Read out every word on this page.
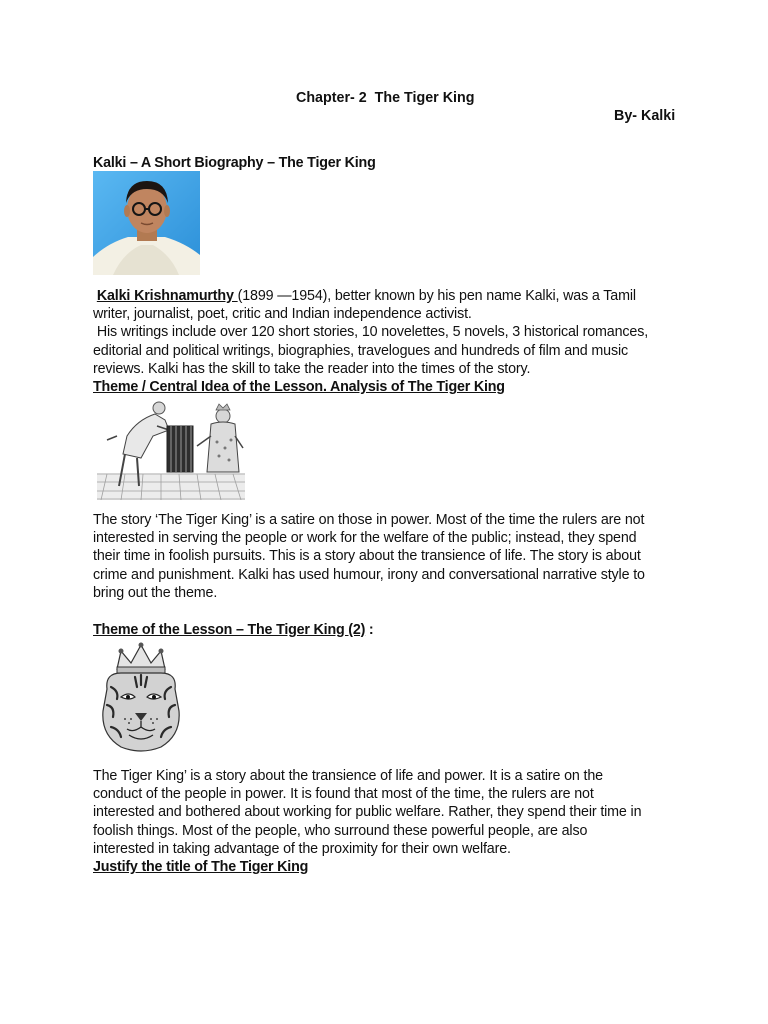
Chapter- 2  The Tiger King
By- Kalki
Kalki – A Short Biography – The Tiger King
Kalki Krishnamurthy (1899 —1954), better known by his pen name Kalki, was a Tamil
writer, journalist, poet, critic and Indian independence activist.
His writings include over 120 short stories, 10 novelettes, 5 novels, 3 historical romances,
editorial and political writings, biographies, travelogues and hundreds of film and music
reviews. Kalki has the skill to take the reader into the times of the story.
Theme / Central Idea of the Lesson. Analysis of The Tiger King
The story ‘The Tiger King’ is a satire on those in power. Most of the time the rulers are not
interested in serving the people or work for the welfare of the public; instead, they spend
their time in foolish pursuits. This is a story about the transience of life. The story is about
crime and punishment. Kalki has used humour, irony and conversational narrative style to
bring out the theme.
Theme of the Lesson – The Tiger King (2) :
The Tiger King’ is a story about the transience of life and power. It is a satire on the
conduct of the people in power. It is found that most of the time, the rulers are not
interested and bothered about working for public welfare. Rather, they spend their time in
foolish things. Most of the people, who surround these powerful people, are also
interested in taking advantage of the proximity for their own welfare.
Justify the title of The Tiger King
